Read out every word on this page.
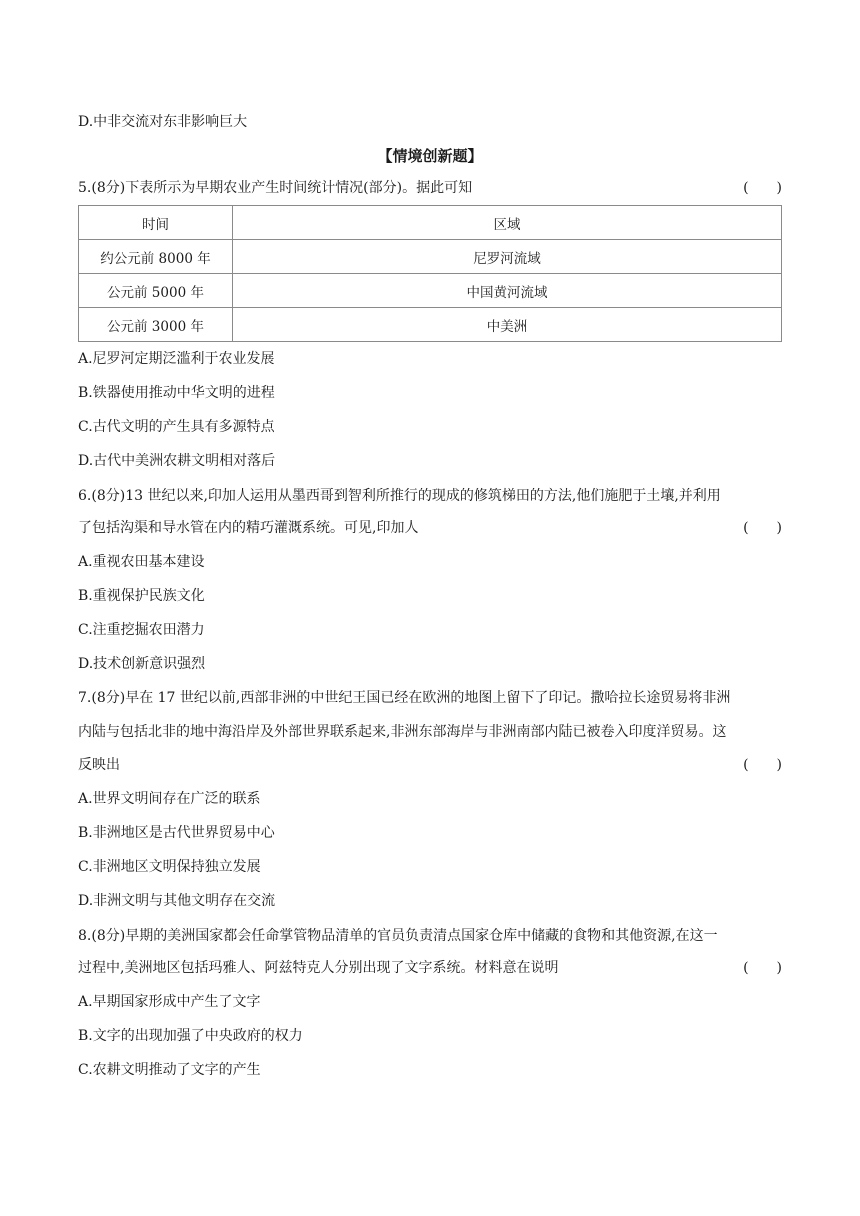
D.中非交流对东非影响巨大
【情境创新题】
5.(8分)下表所示为早期农业产生时间统计情况(部分)。据此可知	(　　)
时间	区域
约公元前 8000 年	尼罗河流域
公元前 5000 年	中国黄河流域
公元前 3000 年	中美洲
A.尼罗河定期泛滥利于农业发展
B.铁器使用推动中华文明的进程
C.古代文明的产生具有多源特点
D.古代中美洲农耕文明相对落后
6.(8分)13 世纪以来,印加人运用从墨西哥到智利所推行的现成的修筑梯田的方法,他们施肥于土壤,并利用
了包括沟渠和导水管在内的精巧灌溉系统。可见,印加人	(　　)
A.重视农田基本建设
B.重视保护民族文化
C.注重挖掘农田潜力
D.技术创新意识强烈
7.(8分)早在 17 世纪以前,西部非洲的中世纪王国已经在欧洲的地图上留下了印记。撒哈拉长途贸易将非洲
内陆与包括北非的地中海沿岸及外部世界联系起来,非洲东部海岸与非洲南部内陆已被卷入印度洋贸易。这
反映出	(　　)
A.世界文明间存在广泛的联系
B.非洲地区是古代世界贸易中心
C.非洲地区文明保持独立发展
D.非洲文明与其他文明存在交流
8.(8分)早期的美洲国家都会任命掌管物品清单的官员负责清点国家仓库中储藏的食物和其他资源,在这一
过程中,美洲地区包括玛雅人、阿兹特克人分别出现了文字系统。材料意在说明	(　　)
A.早期国家形成中产生了文字
B.文字的出现加强了中央政府的权力
C.农耕文明推动了文字的产生
